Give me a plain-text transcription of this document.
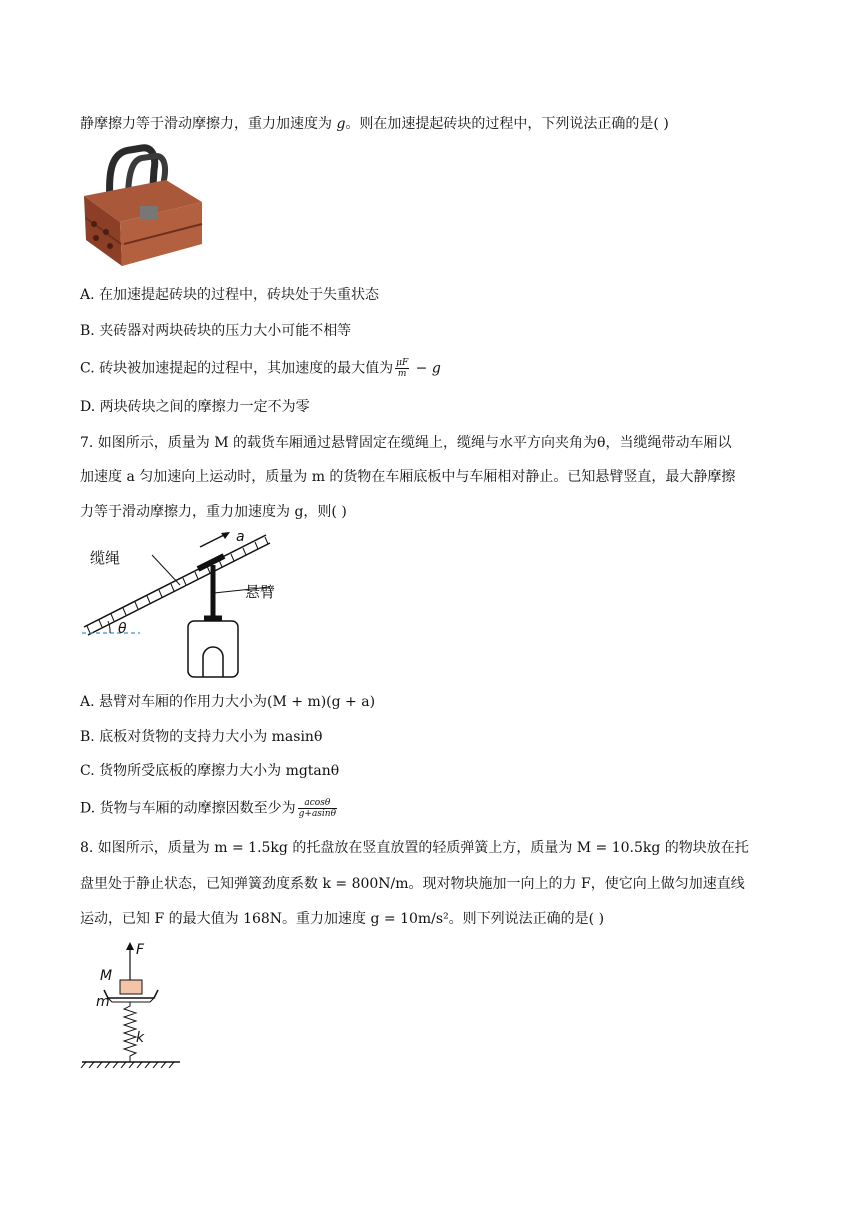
静摩擦力等于滑动摩擦力，重力加速度为 g。则在加速提起砖块的过程中，下列说法正确的是( )
A. 在加速提起砖块的过程中，砖块处于失重状态
B. 夹砖器对两块砖块的压力大小可能不相等
C. 砖块被加速提起的过程中，其加速度的最大值为 $\frac{\mu F}{m} - g$
D. 两块砖块之间的摩擦力一定不为零
7. 如图所示，质量为 M 的载货车厢通过悬臂固定在缆绳上，缆绳与水平方向夹角为θ，当缆绳带动车厢以
加速度 a 匀加速向上运动时，质量为 m 的货物在车厢底板中与车厢相对静止。已知悬臂竖直，最大静摩擦
力等于滑动摩擦力，重力加速度为 g，则( )
θ
a
缆绳
悬臂
A. 悬臂对车厢的作用力大小为(M + m)(g + a)
B. 底板对货物的支持力大小为 masinθ
C. 货物所受底板的摩擦力大小为 mgtanθ
D. 货物与车厢的动摩擦因数至少为 $\frac{acos\theta}{g+asin\theta}$
8. 如图所示，质量为 m = 1.5kg 的托盘放在竖直放置的轻质弹簧上方，质量为 M = 10.5kg 的物块放在托
盘里处于静止状态，已知弹簧劲度系数 k = 800N/m。现对物块施加一向上的力 F，使它向上做匀加速直线
运动，已知 F 的最大值为 168N。重力加速度 g = 10m/s²。则下列说法正确的是( )
F
M
m
k
